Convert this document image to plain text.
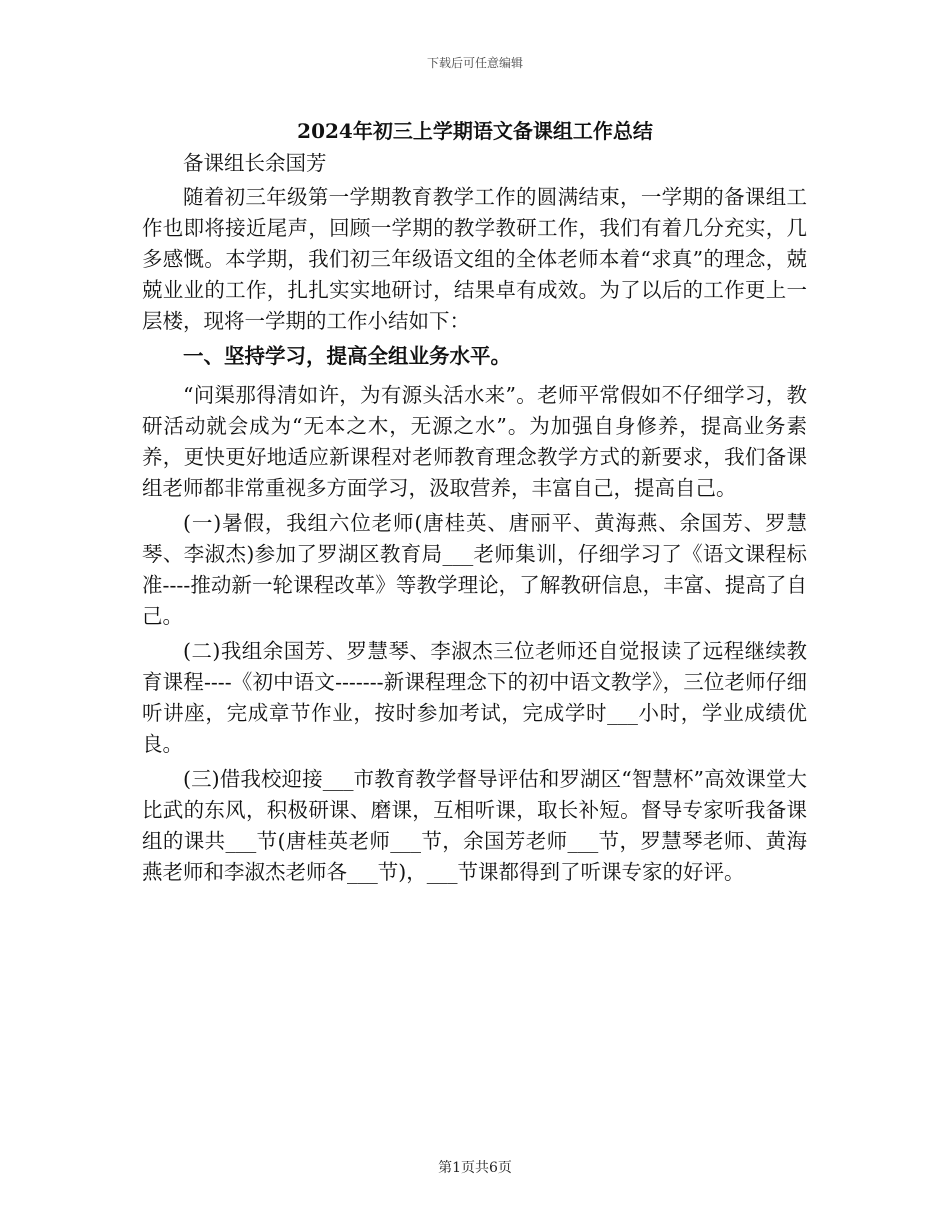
下载后可任意编辑
2024年初三上学期语文备课组工作总结

备课组长余国芳

随着初三年级第一学期教育教学工作的圆满结束，一学期的备课组工作也即将接近尾声，回顾一学期的教学教研工作，我们有着几分充实，几多感慨。本学期，我们初三年级语文组的全体老师本着“求真”的理念，兢兢业业的工作，扎扎实实地研讨，结果卓有成效。为了以后的工作更上一层楼，现将一学期的工作小结如下：

一、坚持学习，提高全组业务水平。

“问渠那得清如许，为有源头活水来”。老师平常假如不仔细学习，教研活动就会成为“无本之木，无源之水”。为加强自身修养，提高业务素养，更快更好地适应新课程对老师教育理念教学方式的新要求，我们备课组老师都非常重视多方面学习，汲取营养，丰富自己，提高自己。

(一)暑假，我组六位老师(唐桂英、唐丽平、黄海燕、余国芳、罗慧琴、李淑杰)参加了罗湖区教育局___老师集训，仔细学习了《语文课程标准----推动新一轮课程改革》等教学理论，了解教研信息，丰富、提高了自己。

(二)我组余国芳、罗慧琴、李淑杰三位老师还自觉报读了远程继续教育课程----《初中语文-------新课程理念下的初中语文教学》，三位老师仔细听讲座，完成章节作业，按时参加考试，完成学时___小时，学业成绩优良。

(三)借我校迎接___市教育教学督导评估和罗湖区“智慧杯”高效课堂大比武的东风，积极研课、磨课，互相听课，取长补短。督导专家听我备课组的课共___节(唐桂英老师___节，余国芳老师___节，罗慧琴老师、黄海燕老师和李淑杰老师各___节)，___节课都得到了听课专家的好评。

第1页共6页
